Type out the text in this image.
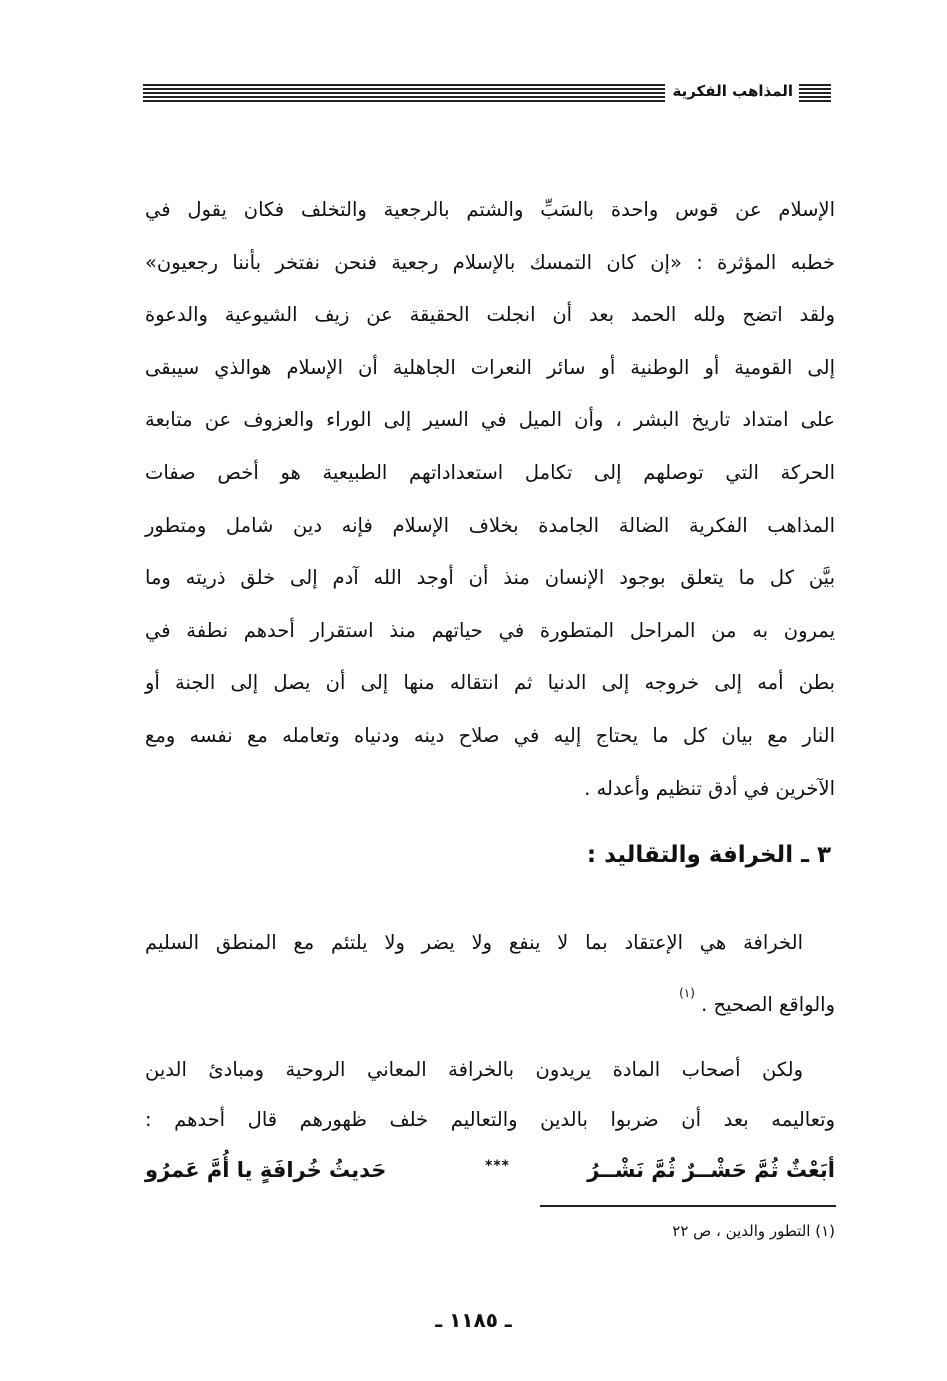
المذاهب الفكرية
الإسلام عن قوس واحدة بالسَبِّ والشتم بالرجعية والتخلف فكان يقول في
خطبه المؤثرة : «إن كان التمسك بالإسلام رجعية فنحن نفتخر بأننا رجعيون»
ولقد اتضح ولله الحمد بعد أن انجلت الحقيقة عن زيف الشيوعية والدعوة
إلى القومية أو الوطنية أو سائر النعرات الجاهلية أن الإسلام هوالذي سيبقى
على امتداد تاريخ البشر ، وأن الميل في السير إلى الوراء والعزوف عن متابعة
الحركة التي توصلهم إلى تكامل استعداداتهم الطبيعية هو أخص صفات
المذاهب الفكرية الضالة الجامدة بخلاف الإسلام فإنه دين شامل ومتطور
بيَّن كل ما يتعلق بوجود الإنسان منذ أن أوجد الله آدم إلى خلق ذريته وما
يمرون به من المراحل المتطورة في حياتهم منذ استقرار أحدهم نطفة في
بطن أمه إلى خروجه إلى الدنيا ثم انتقاله منها إلى أن يصل إلى الجنة أو
النار مع بيان كل ما يحتاج إليه في صلاح دينه ودنياه وتعامله مع نفسه ومع
الآخرين في أدق تنظيم وأعدله .
٣ ـ الخرافة والتقاليد :
الخرافة هي الإعتقاد بما لا ينفع ولا يضر ولا يلتئم مع المنطق السليم
والواقع الصحيح . $^{(١)}$
ولكن أصحاب المادة يريدون بالخرافة المعاني الروحية ومبادئ الدين
وتعاليمه بعد أن ضربوا بالدين والتعاليم خلف ظهورهم قال أحدهم :
أبَعْثٌ ثُمَّ حَشْــرٌ ثُمَّ نَشْــرُ
***
حَديثُ خُرافَةٍ يا أُمَّ عَمرُو
(١) التطور والدين ، ص ٢٢
ـ ١١٨٥ ـ
